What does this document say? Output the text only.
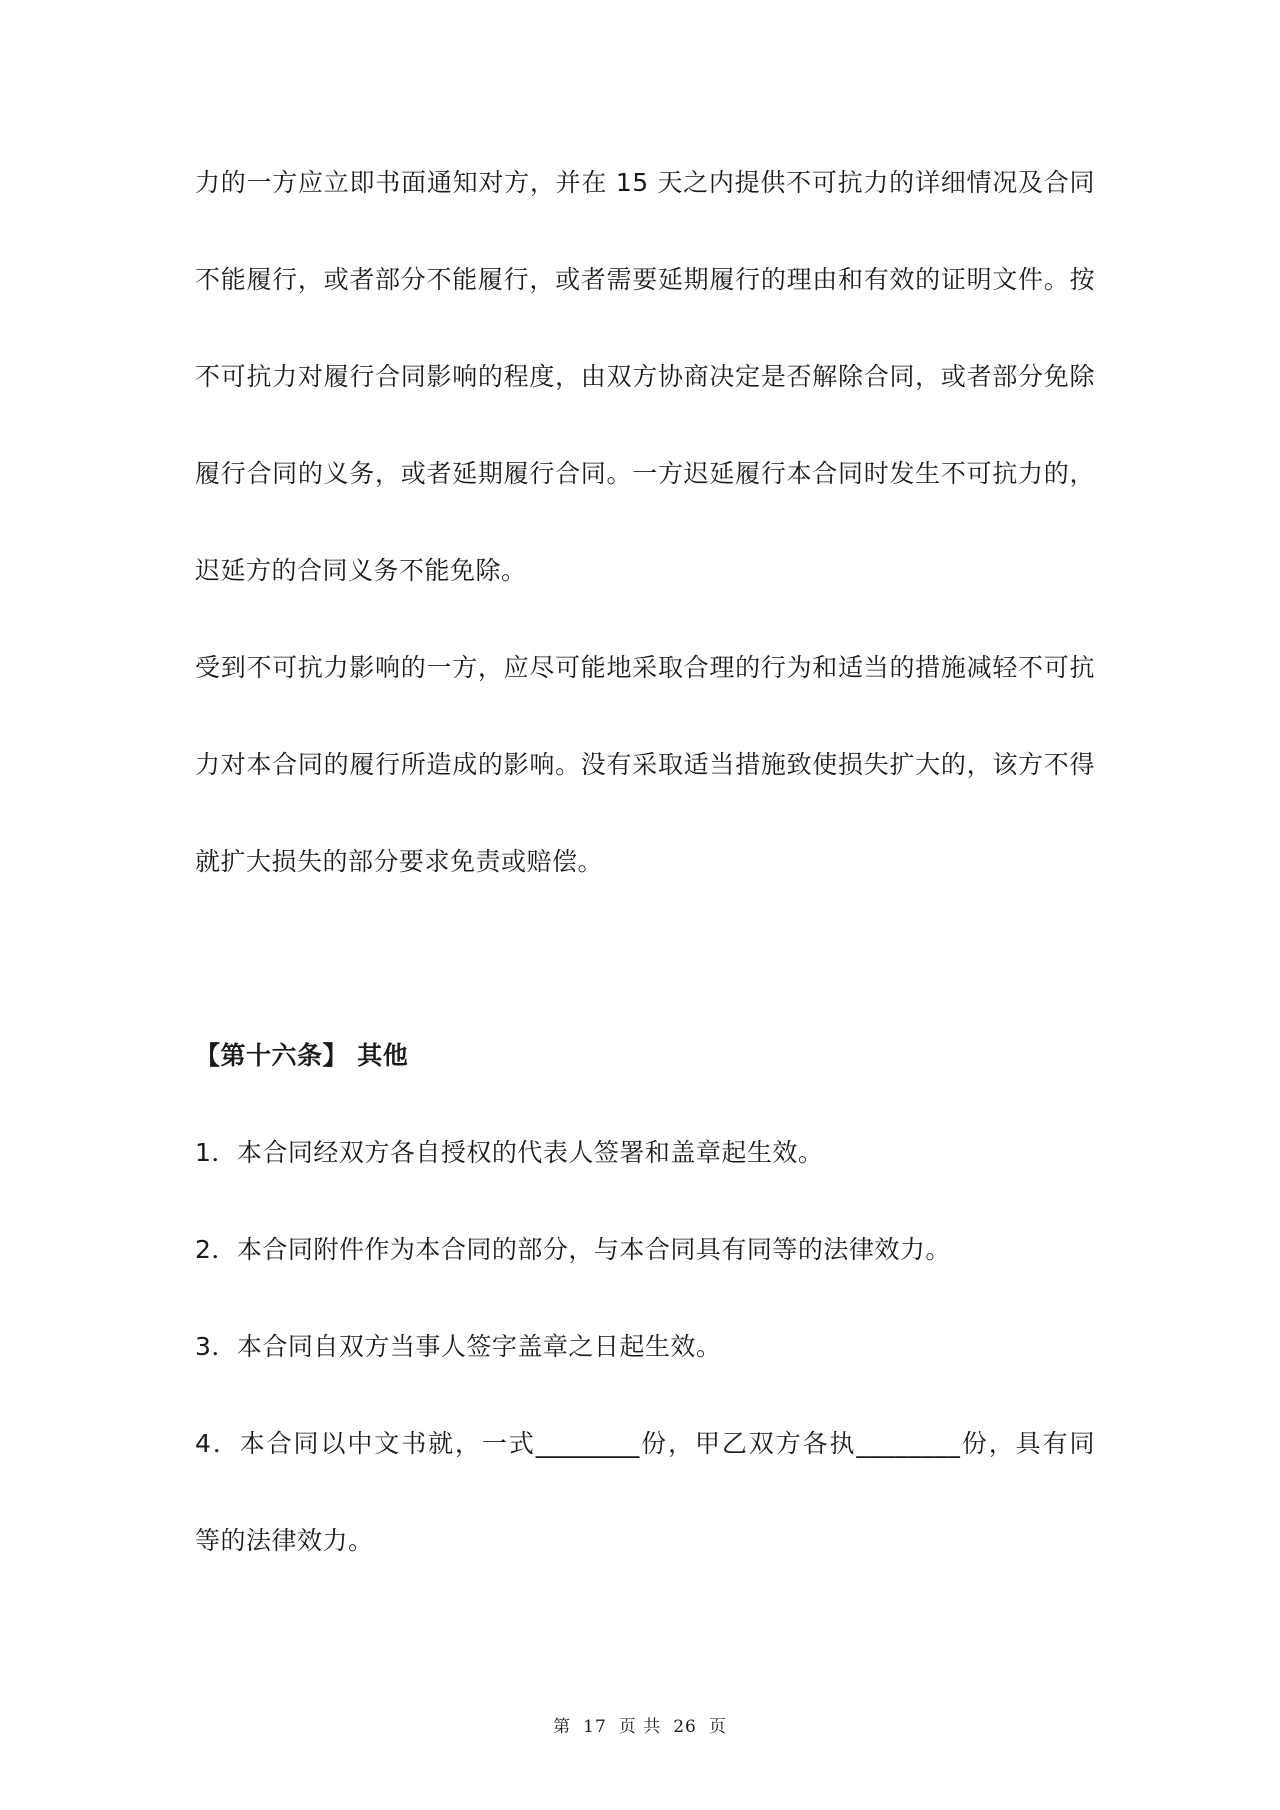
力的一方应立即书面通知对方，并在 15 天之内提供不可抗力的详细情况及合同
不能履行，或者部分不能履行，或者需要延期履行的理由和有效的证明文件。按
不可抗力对履行合同影响的程度，由双方协商决定是否解除合同，或者部分免除
履行合同的义务，或者延期履行合同。一方迟延履行本合同时发生不可抗力的，
迟延方的合同义务不能免除。
受到不可抗力影响的一方，应尽可能地采取合理的行为和适当的措施减轻不可抗
力对本合同的履行所造成的影响。没有采取适当措施致使损失扩大的，该方不得
就扩大损失的部分要求免责或赔偿。
【第十六条】 其他
1．本合同经双方各自授权的代表人签署和盖章起生效。
2．本合同附件作为本合同的部分，与本合同具有同等的法律效力。
3．本合同自双方当事人签字盖章之日起生效。
4．本合同以中文书就，一式________份，甲乙双方各执________份，具有同
等的法律效力。
第 17 页 共 26 页
